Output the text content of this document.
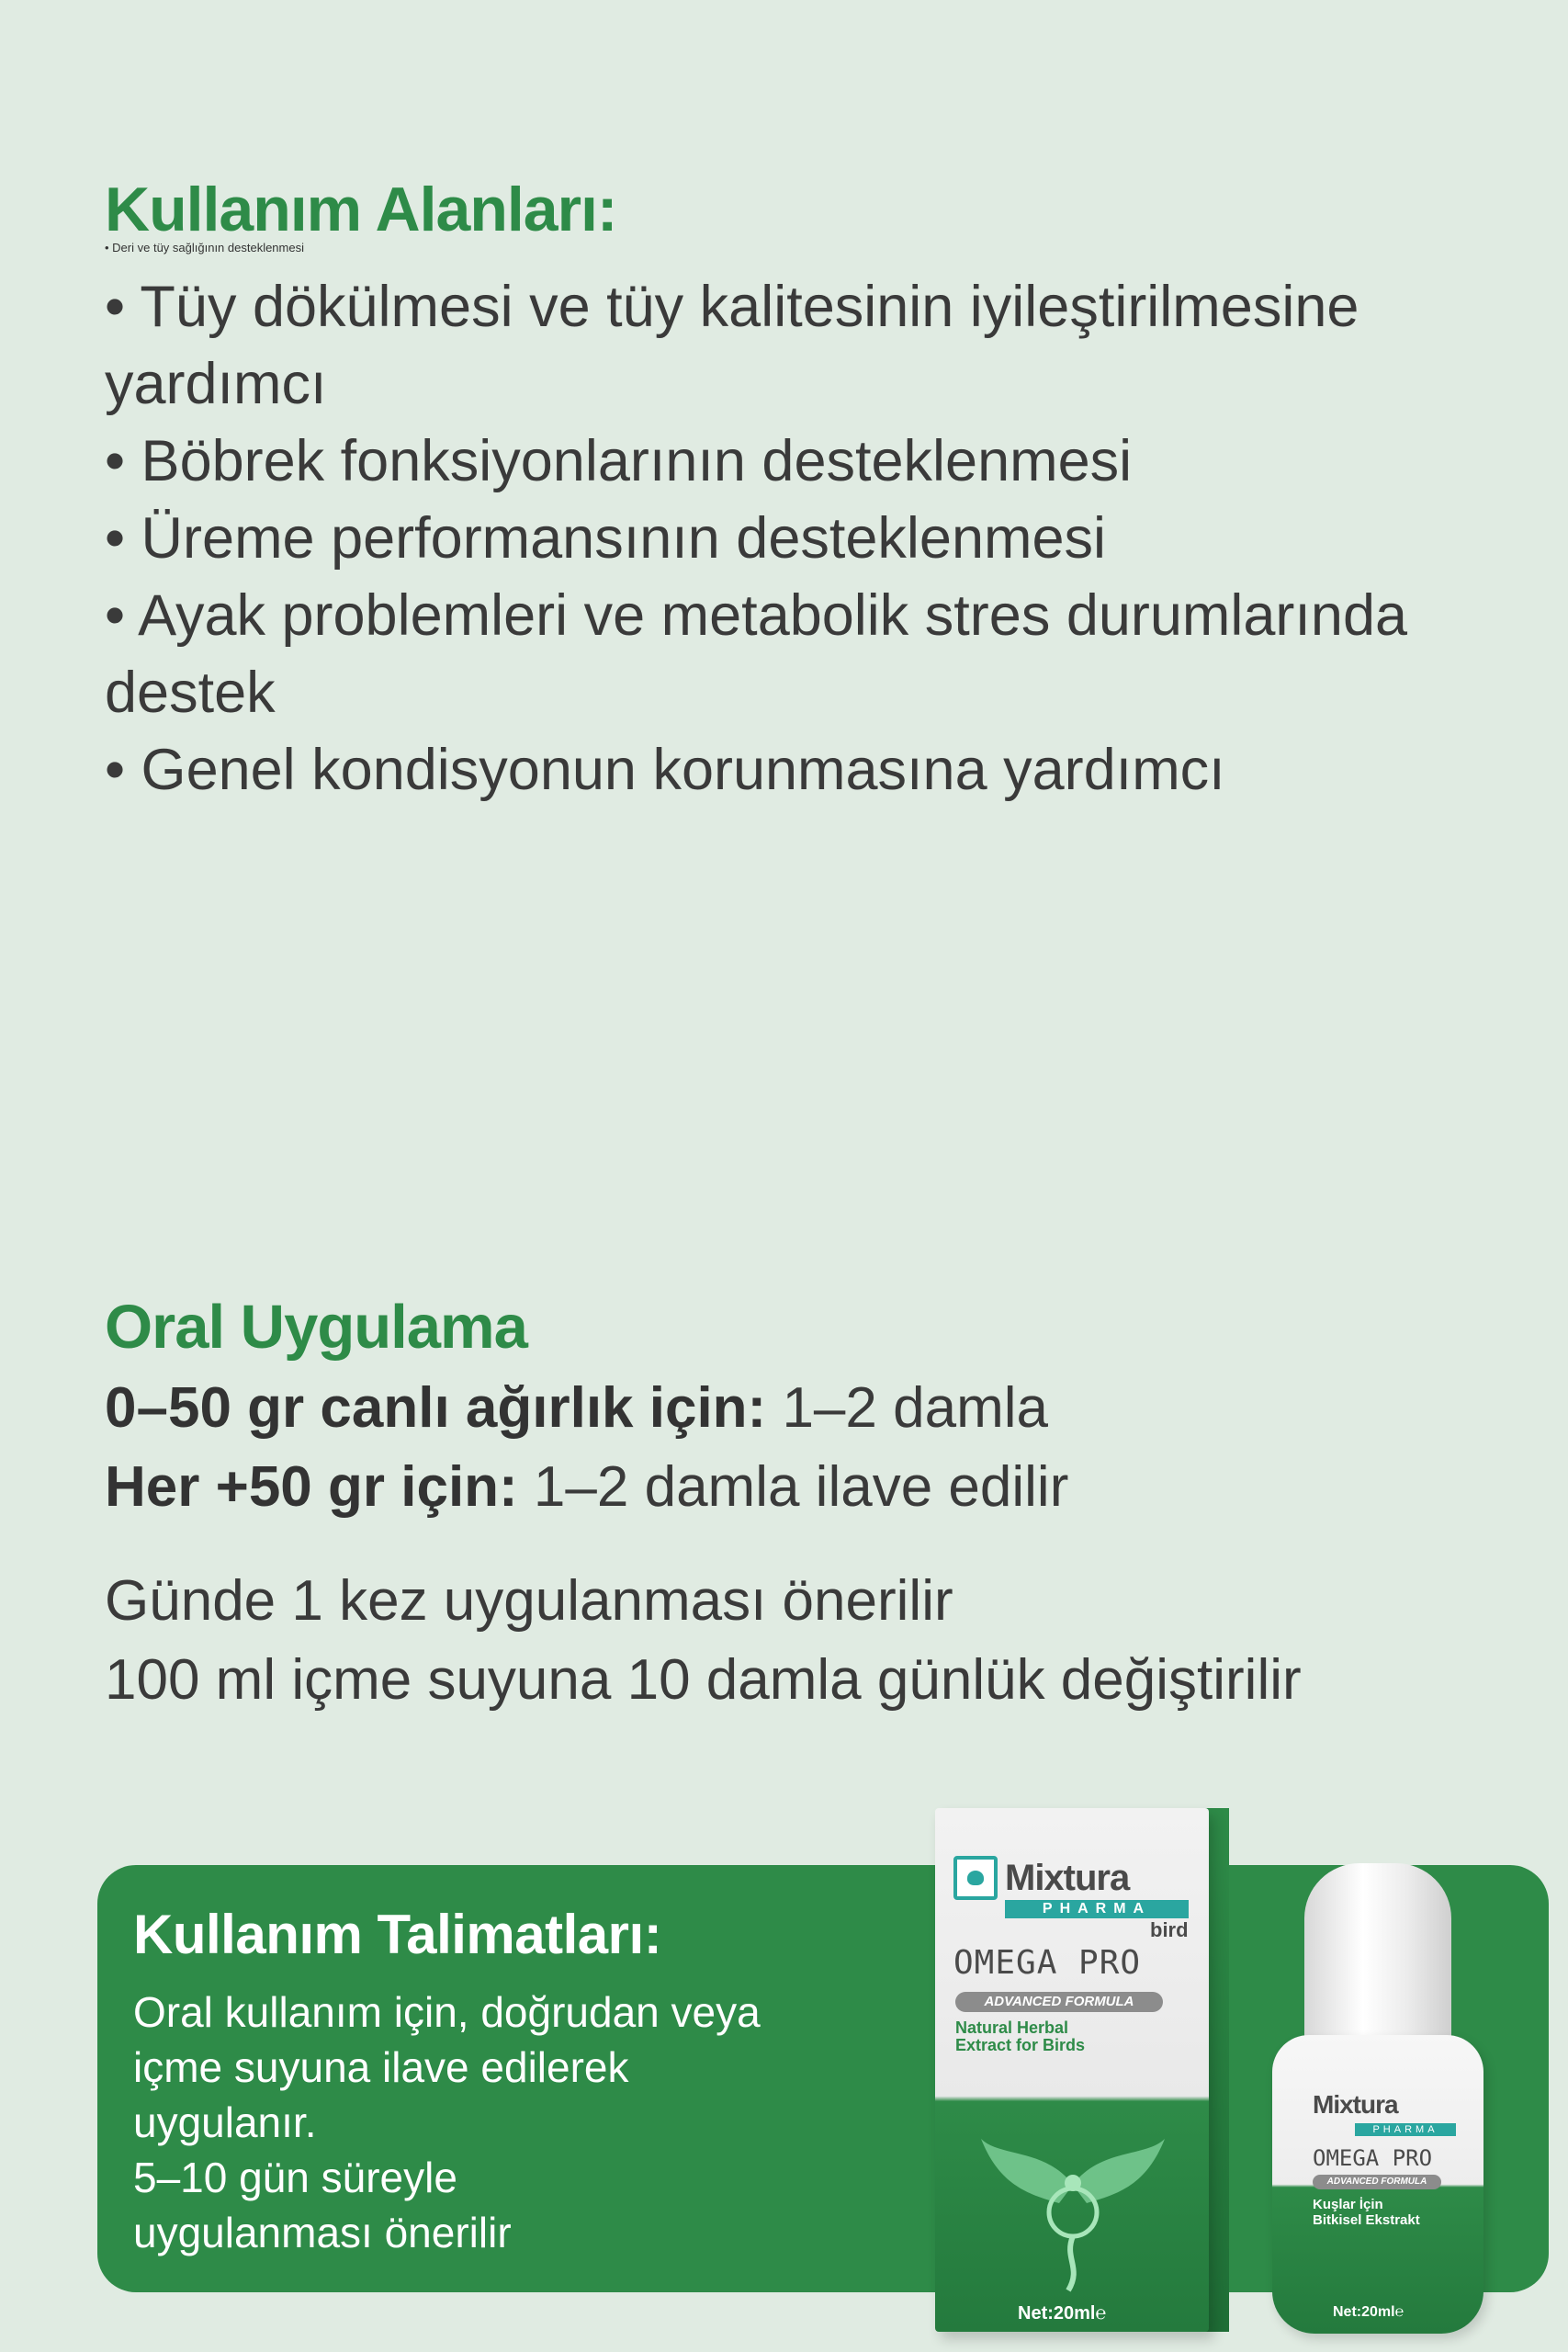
Kullanım Alanları:
• Deri ve tüy sağlığının desteklenmesi
• Tüy dökülmesi ve tüy kalitesinin iyileştirilmesine yardımcı
• Böbrek fonksiyonlarının desteklenmesi
• Üreme performansının desteklenmesi
• Ayak problemleri ve metabolik stres durumlarında destek
• Genel kondisyonun korunmasına yardımcı
Oral Uygulama
0–50 gr canlı ağırlık için: 1–2 damla
Her +50 gr için: 1–2 damla ilave edilir
Günde 1 kez uygulanması önerilir
100 ml içme suyuna 10 damla günlük değiştirilir
Kullanım Talimatları:
Oral kullanım için, doğrudan veya
içme suyuna ilave edilerek
uygulanır.
5–10 gün süreyle
uygulanması önerilir
Mixtura
PHARMA
bird
OMEGA PRO
ADVANCED FORMULA
Natural Herbal
Extract for Birds
Net:20ml℮
Mixtura
PHARMA
OMEGA PRO
ADVANCED FORMULA
Kuşlar İçin
Bitkisel Ekstrakt
Net:20ml℮
